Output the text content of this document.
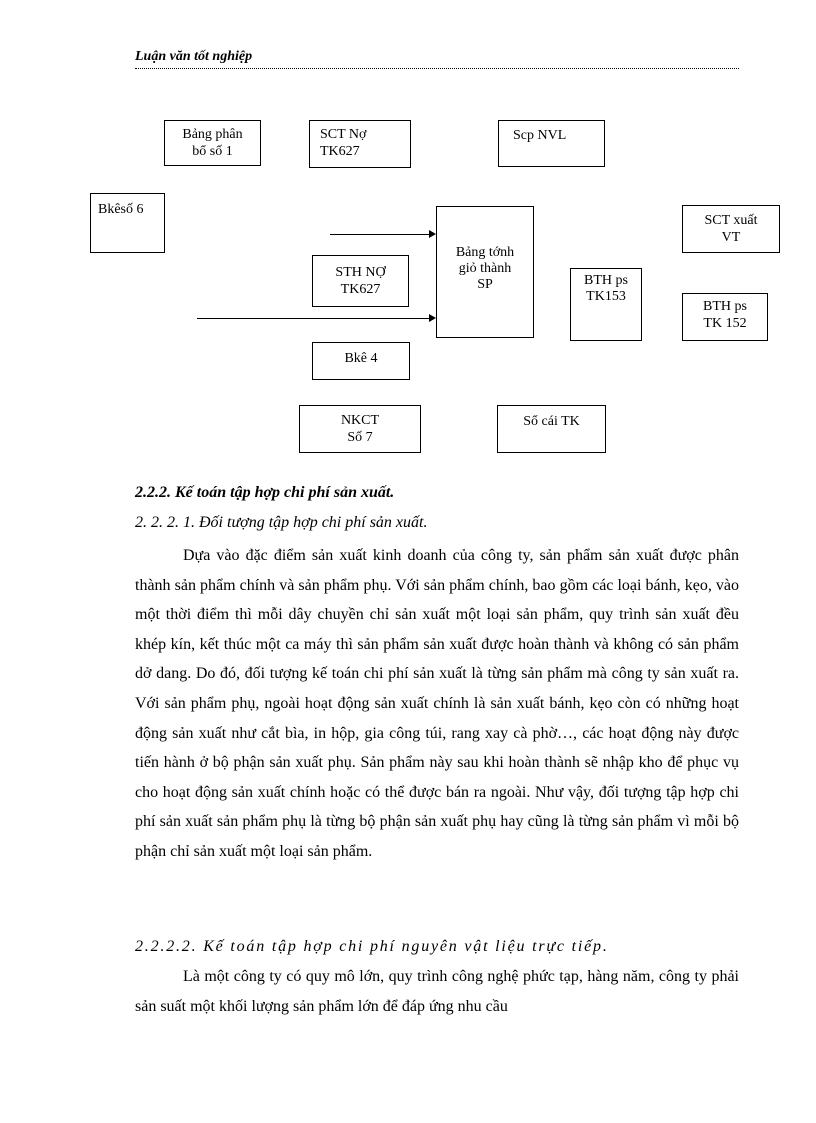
Luận văn tốt nghiệp
Bảng phân
bổ số 1
SCT Nợ
TK627
Scp NVL
Bkêsố 6
SCT xuất
VT
Bảng tớnh
giỏ thành
SP
STH NỢ
TK627
BTH ps
TK153
BTH ps
TK 152
Bkê 4
NKCT
Số 7
Sổ cái TK
2.2.2. Kế toán tập hợp chi phí sản xuất.
2. 2. 2. 1. Đối tượng tập hợp chi phí sản xuất.
Dựa vào đặc điểm sản xuất kinh doanh của công ty, sản phẩm sản xuất được phân thành sản phẩm chính và sản phẩm phụ. Với sản phẩm chính, bao gồm các loại bánh, kẹo, vào một thời điểm thì mỗi dây chuyền chỉ sản xuất một loại sản phẩm, quy trình sản xuất đều khép kín, kết thúc một ca máy thì sản phẩm sản xuất được hoàn thành và không có sản phẩm dở dang. Do đó, đối tượng kế toán chi phí sản xuất là từng sản phẩm mà công ty sản xuất ra. Với sản phẩm phụ, ngoài hoạt động sản xuất chính là sản xuất bánh, kẹo còn có những hoạt động sản xuất như cắt bìa, in hộp, gia công túi, rang xay cà phờ…, các hoạt động này được tiến hành ở bộ phận sản xuất phụ. Sản phẩm này sau khi hoàn thành sẽ nhập kho để phục vụ cho hoạt động sản xuất chính hoặc có thể được bán ra ngoài. Như vậy, đối tượng tập hợp chi phí sản xuất sản phẩm phụ là từng bộ phận sản xuất phụ hay cũng là từng sản phẩm vì mỗi bộ phận chỉ sản xuất một loại sản phẩm.
2.2.2.2. Kế toán tập hợp chi phí nguyên vật liệu trực tiếp.
Là một công ty có quy mô lớn, quy trình công nghệ phức tạp, hàng năm, công ty phải sản suất một khối lượng sản phẩm lớn để đáp ứng nhu cầu
